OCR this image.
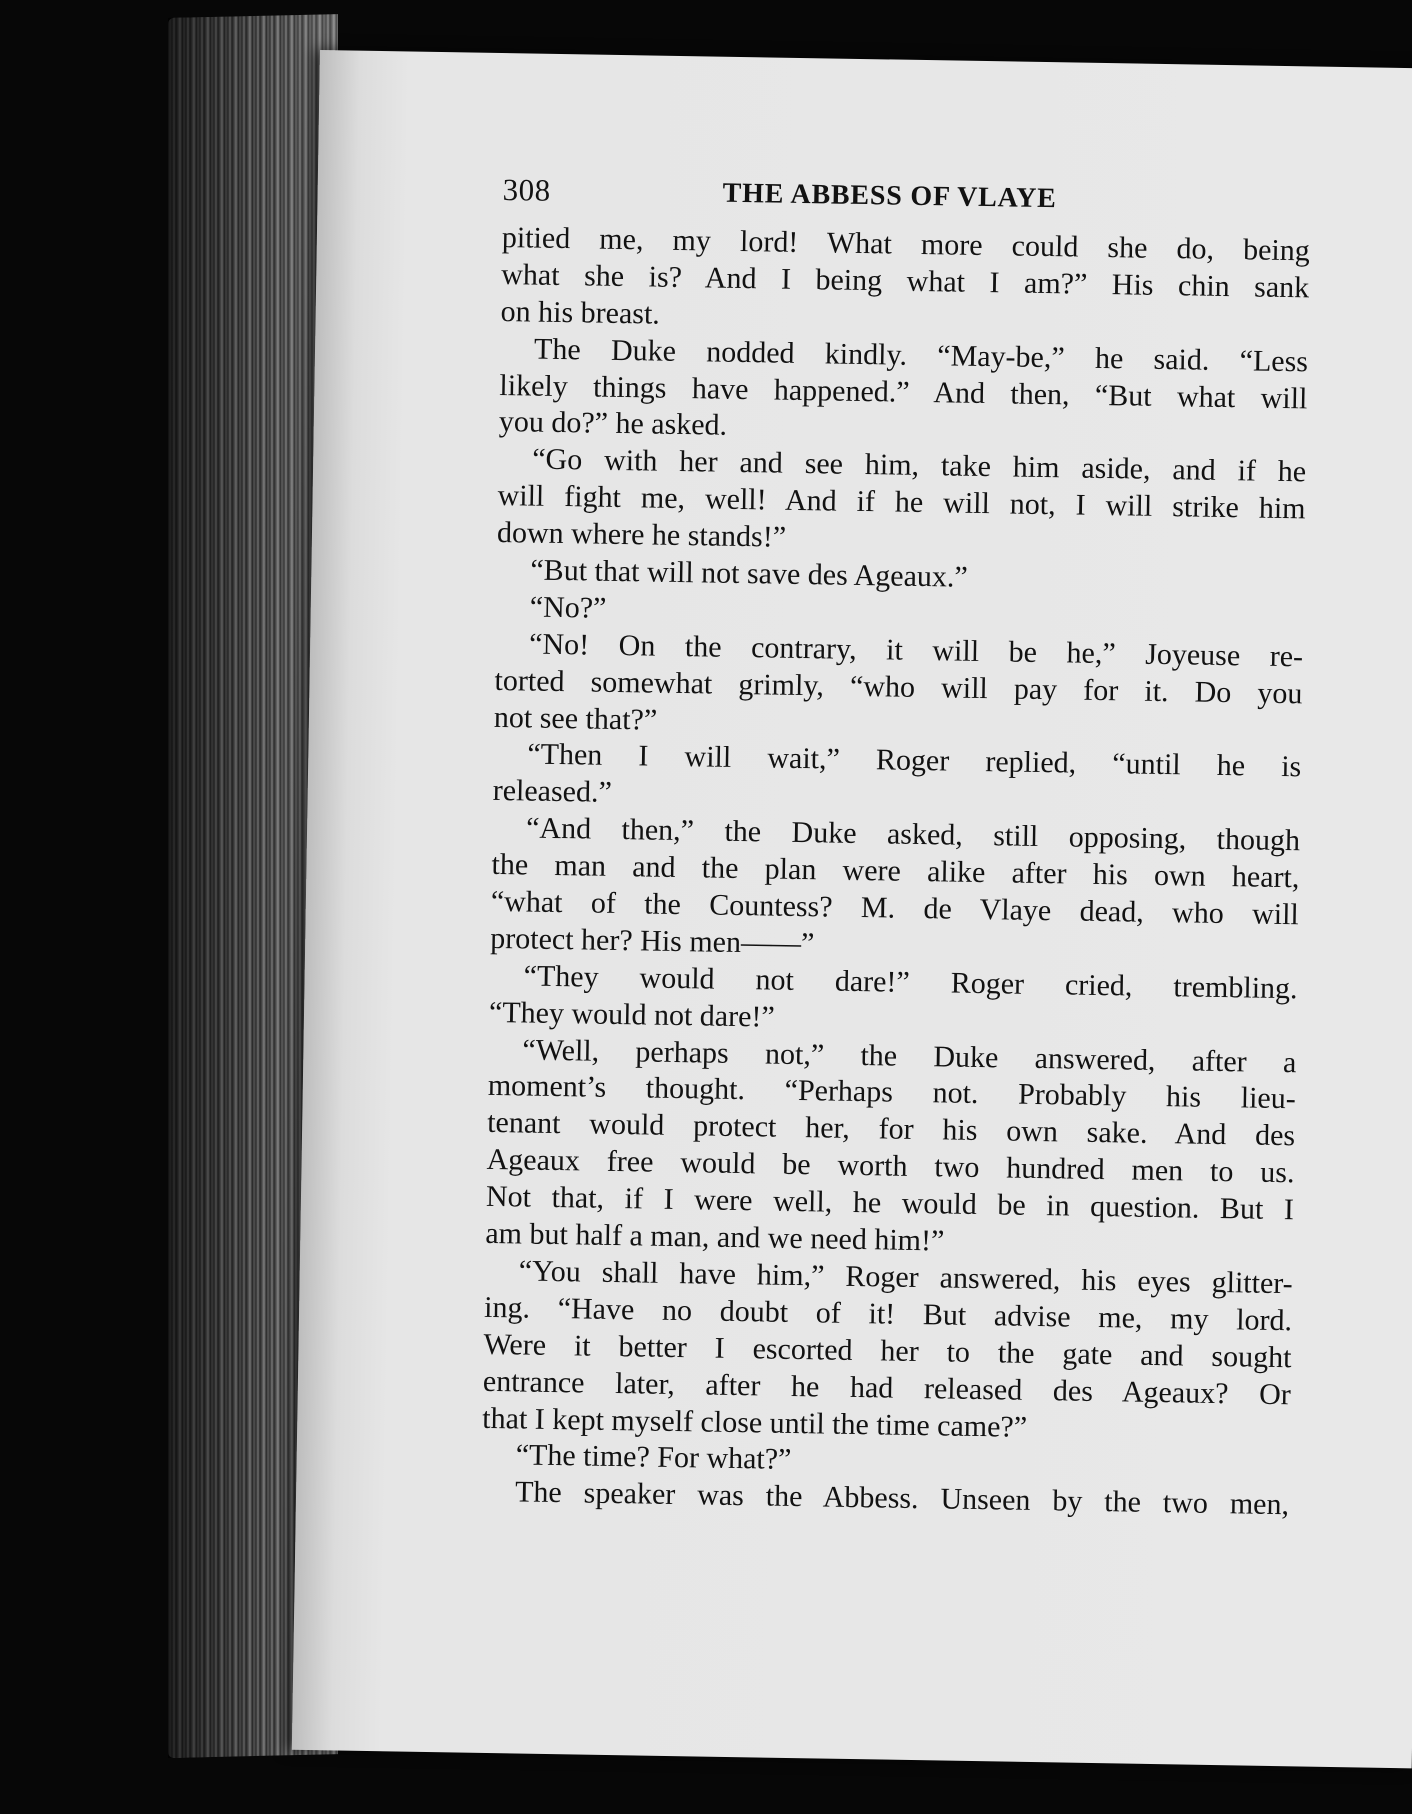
308	THE ABBESS OF VLAYE
pitied me, my lord! What more could she do, being
what she is? And I being what I am?” His chin sank
on his breast.
The Duke nodded kindly. “May-be,” he said. “Less
likely things have happened.” And then, “But what will
you do?” he asked.
“Go with her and see him, take him aside, and if he
will fight me, well! And if he will not, I will strike him
down where he stands!”
“But that will not save des Ageaux.”
“No?”
“No! On the contrary, it will be he,” Joyeuse re-
torted somewhat grimly, “who will pay for it. Do you
not see that?”
“Then I will wait,” Roger replied, “until he is
released.”
“And then,” the Duke asked, still opposing, though
the man and the plan were alike after his own heart,
“what of the Countess? M. de Vlaye dead, who will
protect her? His men——”
“They would not dare!” Roger cried, trembling.
“They would not dare!”
“Well, perhaps not,” the Duke answered, after a
moment’s thought. “Perhaps not. Probably his lieu-
tenant would protect her, for his own sake. And des
Ageaux free would be worth two hundred men to us.
Not that, if I were well, he would be in question. But I
am but half a man, and we need him!”
“You shall have him,” Roger answered, his eyes glitter-
ing. “Have no doubt of it! But advise me, my lord.
Were it better I escorted her to the gate and sought
entrance later, after he had released des Ageaux? Or
that I kept myself close until the time came?”
“The time? For what?”
The speaker was the Abbess. Unseen by the two men,
